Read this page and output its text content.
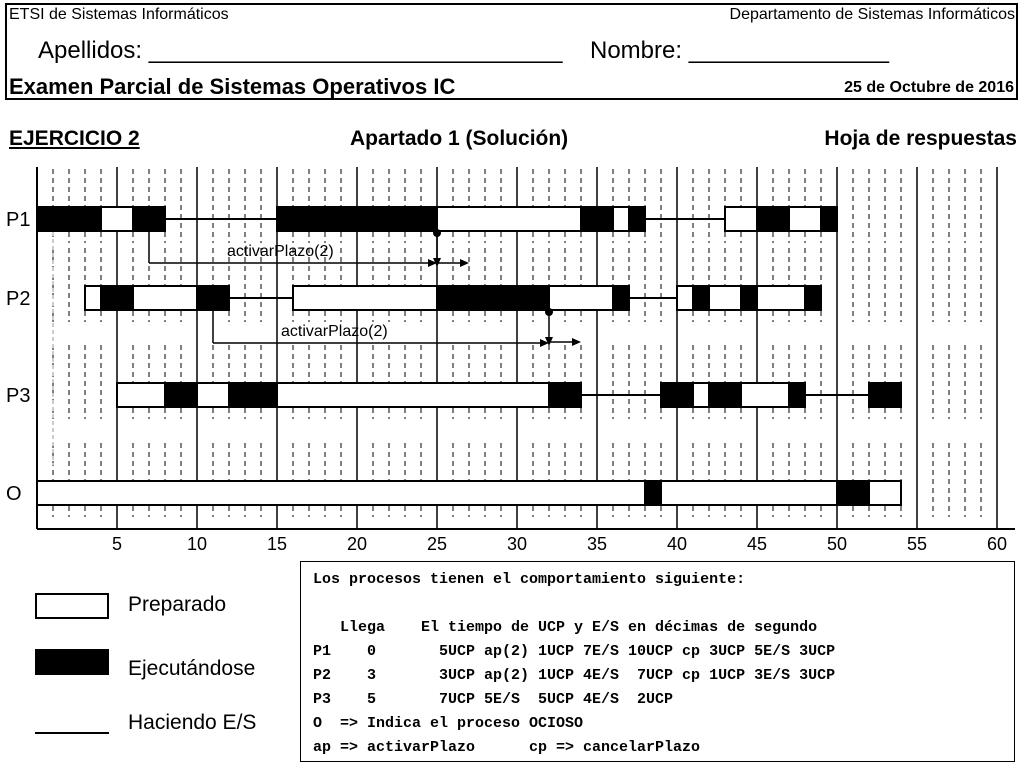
ETSI de Sistemas Informáticos	Departamento de Sistemas Informáticos
Apellidos: _______________________________ Nombre: _______________
Examen Parcial de Sistemas Operativos IC	25 de Octubre de 2016
EJERCICIO 2	Apartado 1 (Solución)	Hoja de respuestas
5	10	15	20	25	30	35	40	45	50	55	60
P1
P2
P3
O
activarPlazo(2)
activarPlazo(2)
Preparado
Ejecutándose
Haciendo E/S
Los procesos tienen el comportamiento siguiente:

Llega    El tiempo de UCP y E/S en décimas de segundo
P1    0       5UCP ap(2) 1UCP 7E/S 10UCP cp 3UCP 5E/S 3UCP
P2    3       3UCP ap(2) 1UCP 4E/S  7UCP cp 1UCP 3E/S 3UCP
P3    5       7UCP 5E/S  5UCP 4E/S  2UCP
O  => Indica el proceso OCIOSO
ap => activarPlazo      cp => cancelarPlazo
